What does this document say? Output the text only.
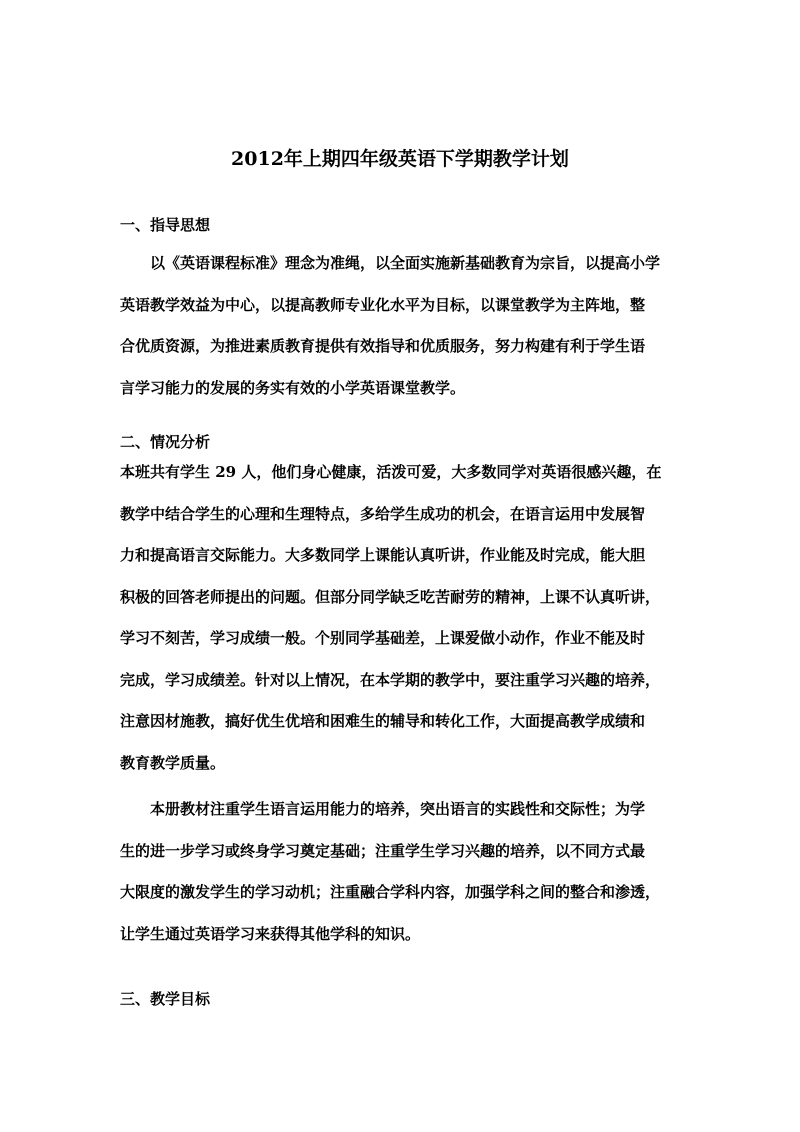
2012年上期四年级英语下学期教学计划
一、指导思想

以《英语课程标准》理念为准绳，以全面实施新基础教育为宗旨，以提高小学
英语教学效益为中心，以提高教师专业化水平为目标，以课堂教学为主阵地，整
合优质资源，为推进素质教育提供有效指导和优质服务，努力构建有利于学生语
言学习能力的发展的务实有效的小学英语课堂教学。

二、情况分析

本班共有学生 29 人，他们身心健康，活泼可爱，大多数同学对英语很感兴趣，在
教学中结合学生的心理和生理特点，多给学生成功的机会，在语言运用中发展智
力和提高语言交际能力。大多数同学上课能认真听讲，作业能及时完成，能大胆
积极的回答老师提出的问题。但部分同学缺乏吃苦耐劳的精神，上课不认真听讲，
学习不刻苦，学习成绩一般。个别同学基础差，上课爱做小动作，作业不能及时
完成，学习成绩差。针对以上情况，在本学期的教学中，要注重学习兴趣的培养，
注意因材施教，搞好优生优培和困难生的辅导和转化工作，大面提高教学成绩和
教育教学质量。

本册教材注重学生语言运用能力的培养，突出语言的实践性和交际性；为学
生的进一步学习或终身学习奠定基础；注重学生学习兴趣的培养，以不同方式最
大限度的激发学生的学习动机；注重融合学科内容，加强学科之间的整合和渗透，
让学生通过英语学习来获得其他学科的知识。

三、教学目标
